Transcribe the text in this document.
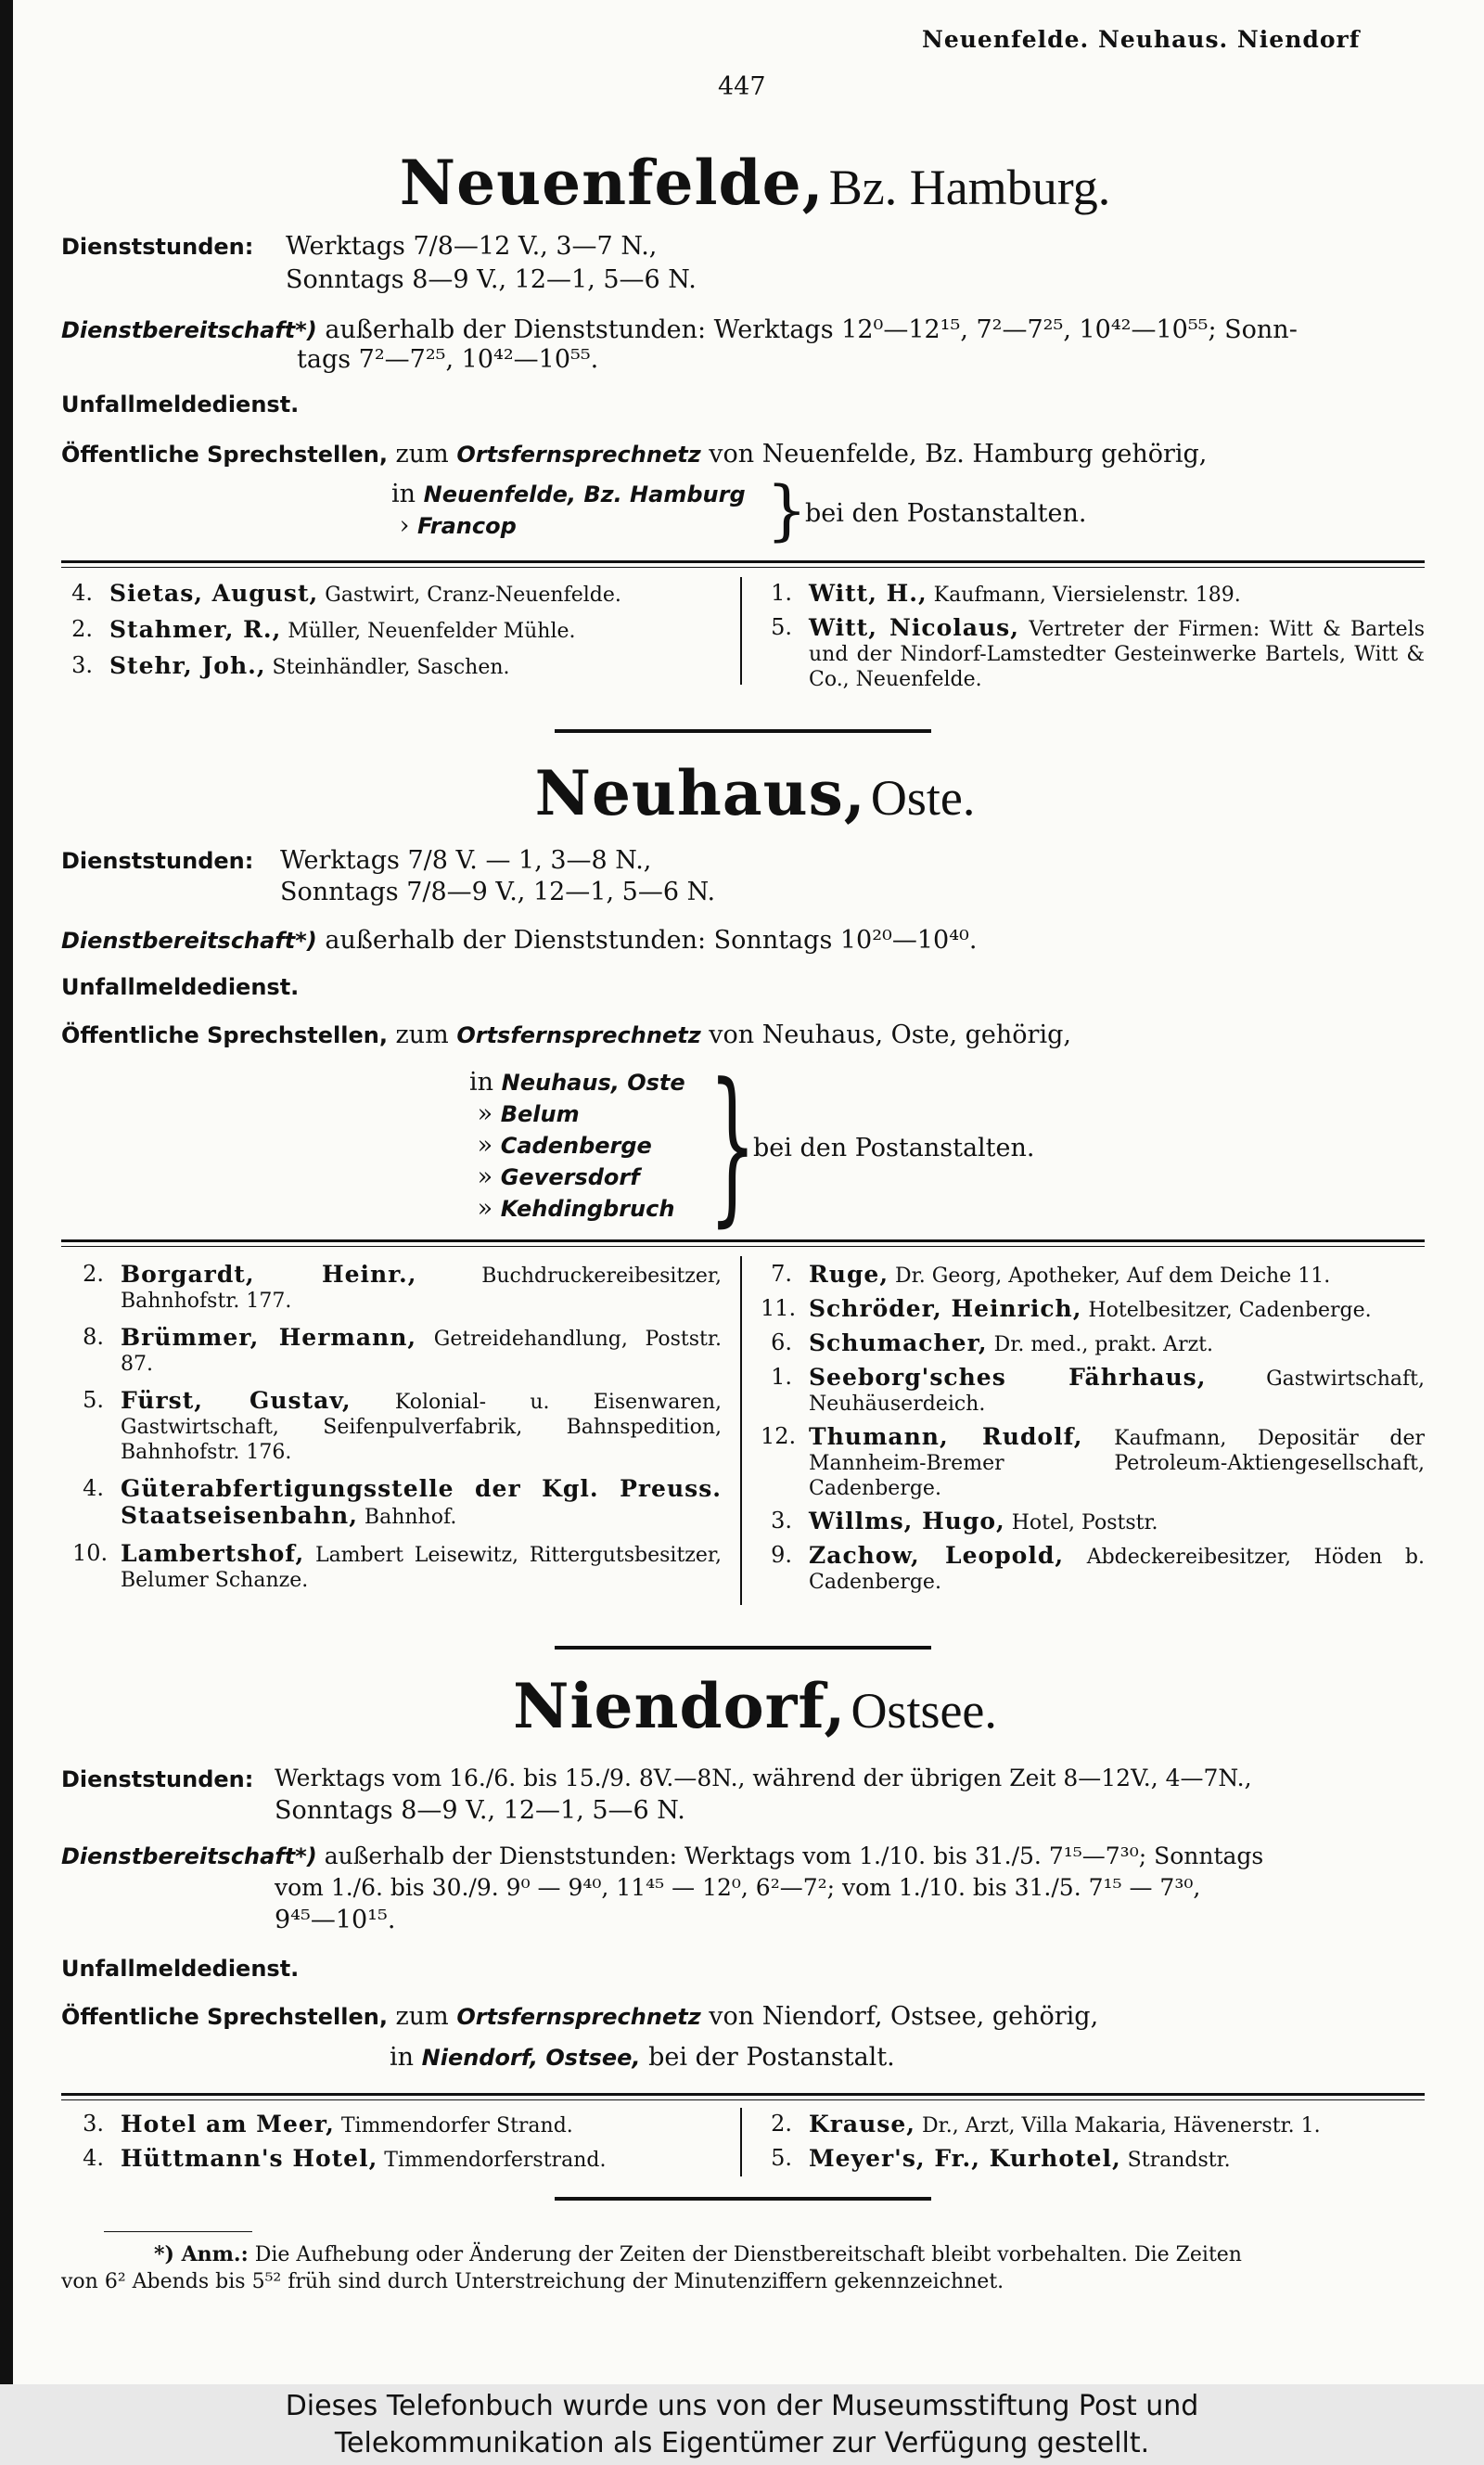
Neuenfelde. Neuhaus. Niendorf
447
Neuenfelde, Bz. Hamburg.
Dienststunden: Werktags 7/8—12 V., 3—7 N.,
Sonntags 8—9 V., 12—1, 5—6 N.
Dienstbereitschaft*) außerhalb der Dienststunden: Werktags 12⁰—12¹⁵, 7²—7²⁵, 10⁴²—10⁵⁵; Sonn-
tags 7²—7²⁵, 10⁴²—10⁵⁵.
Unfallmeldedienst.
Öffentliche Sprechstellen, zum Ortsfernsprechnetz von Neuenfelde, Bz. Hamburg gehörig,
in Neuenfelde, Bz. Hamburg
› Francop	}
bei den Postanstalten.
4. Sietas, August, Gastwirt, Cranz-Neuenfelde.
2. Stahmer, R., Müller, Neuenfelder Mühle.
3. Stehr, Joh., Steinhändler, Saschen.
1. Witt, H., Kaufmann, Viersielenstr. 189.
5. Witt, Nicolaus, Vertreter der Firmen: Witt & Bartels und der Nindorf-Lamstedter Gesteinwerke Bartels, Witt & Co., Neuenfelde.
Neuhaus, Oste.
Dienststunden: Werktags 7/8 V. — 1, 3—8 N.,
Sonntags 7/8—9 V., 12—1, 5—6 N.
Dienstbereitschaft*) außerhalb der Dienststunden: Sonntags 10²⁰—10⁴⁰.
Unfallmeldedienst.
Öffentliche Sprechstellen, zum Ortsfernsprechnetz von Neuhaus, Oste, gehörig,
in Neuhaus, Oste
» Belum
» Cadenberge
» Geversdorf
» Kehdingbruch }
bei den Postanstalten.
2. Borgardt, Heinr.,	Buchdruckereibesitzer, Bahnhofstr. 177.
8. Brümmer, Hermann, Getreidehandlung, Poststr. 87.
5. Fürst, Gustav, Kolonial- u. Eisenwaren, Gastwirtschaft, Seifenpulverfabrik, Bahnspedition, Bahnhofstr. 176.
4. Güterabfertigungsstelle der Kgl. Preuss. Staatseisenbahn, Bahnhof.
10. Lambertshof, Lambert Leisewitz, Rittergutsbesitzer, Belumer Schanze.
7. Ruge, Dr. Georg, Apotheker, Auf dem Deiche 11.
11. Schröder, Heinrich, Hotelbesitzer, Cadenberge.
6. Schumacher, Dr. med., prakt. Arzt.
1. Seeborg'sches Fährhaus,	Gastwirtschaft, Neuhäuserdeich.
12. Thumann, Rudolf, Kaufmann, Depositär der Mannheim-Bremer Petroleum-Aktiengesellschaft, Cadenberge.
3. Willms, Hugo, Hotel, Poststr.
9. Zachow, Leopold, Abdeckereibesitzer, Höden b. Cadenberge.
Niendorf, Ostsee.
Dienststunden: Werktags vom 16./6. bis 15./9. 8V.—8N., während der übrigen Zeit 8—12V., 4—7N.,
Sonntags 8—9 V., 12—1, 5—6 N.
Dienstbereitschaft*) außerhalb der Dienststunden: Werktags vom 1./10. bis 31./5. 7¹⁵—7³⁰; Sonntags
vom 1./6. bis 30./9. 9⁰ — 9⁴⁰, 11⁴⁵ — 12⁰, 6²—7²; vom 1./10. bis 31./5. 7¹⁵ — 7³⁰,
9⁴⁵—10¹⁵.
Unfallmeldedienst.
Öffentliche Sprechstellen, zum Ortsfernsprechnetz von Niendorf, Ostsee, gehörig,
in Niendorf, Ostsee, bei der Postanstalt.
3. Hotel am Meer, Timmendorfer Strand.
4. Hüttmann's Hotel, Timmendorferstrand.
2. Krause, Dr., Arzt, Villa Makaria, Hävenerstr. 1.
5. Meyer's, Fr., Kurhotel, Strandstr.
*) Anm.: Die Aufhebung oder Änderung der Zeiten der Dienstbereitschaft bleibt vorbehalten. Die Zeiten
von 6² Abends bis 5⁵² früh sind durch Unterstreichung der Minutenziffern gekennzeichnet.
Dieses Telefonbuch wurde uns von der Museumsstiftung Post und
Telekommunikation als Eigentümer zur Verfügung gestellt.
